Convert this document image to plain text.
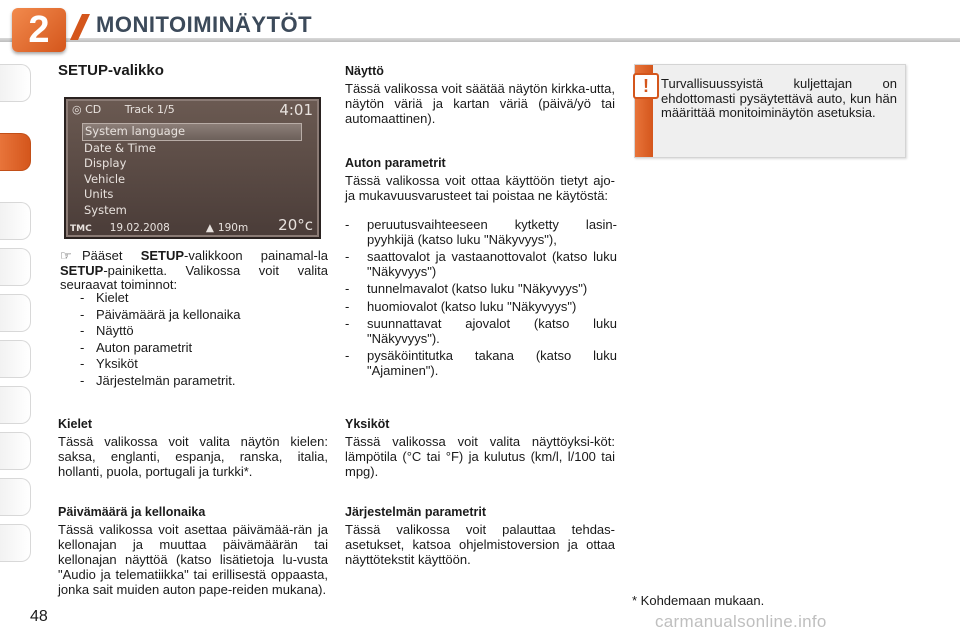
2	MONITOIMINÄYTÖT
SETUP-valikko
◎ CD Track 1/5	4:01
System language
Date & Time
Display
Vehicle
Units
System
TMC 19.02.2008	▲ 190m 20°c
☞ Pääset SETUP-valikkoon painamal-la SETUP-painiketta. Valikossa voit valita seuraavat toiminnot:
- Kielet
- Päivämäärä ja kellonaika
- Näyttö
- Auton parametrit
- Yksiköt
- Järjestelmän parametrit.
Kielet
Tässä valikossa voit valita näytön kielen: saksa, englanti, espanja, ranska, italia, hollanti, puola, portugali ja turkki*.
Päivämäärä ja kellonaika
Tässä valikossa voit asettaa päivämää-rän ja kellonajan ja muuttaa päivämäärän tai kellonajan näyttöä (katso lisätietoja lu-vusta "Audio ja telematiikka" tai erillisestä oppaasta, jonka sait muiden auton pape-reiden mukana).
Näyttö
Tässä valikossa voit säätää näytön kirkka-utta, näytön väriä ja kartan väriä (päivä/yö tai automaattinen).
Auton parametrit
Tässä valikossa voit ottaa käyttöön tietyt ajo- ja mukavuusvarusteet tai poistaa ne käytöstä:
-	peruutusvaihteeseen kytketty lasin-pyyhkijä (katso luku "Näkyvyys"),
-	saattovalot ja vastaanottovalot (katso luku "Näkyvyys")
-	tunnelmavalot (katso luku "Näkyvyys")
-	huomiovalot (katso luku "Näkyvyys")
-	suunnattavat ajovalot (katso luku "Näkyvyys").
-	pysäköintitutka takana (katso luku "Ajaminen").
Yksiköt
Tässä valikossa voit valita näyttöyksi-köt: lämpötila (°C tai °F) ja kulutus (km/l, l/100 tai mpg).
Järjestelmän parametrit
Tässä valikossa voit palauttaa tehdas-asetukset, katsoa ohjelmistoversion ja ottaa näyttötekstit käyttöön.
! Turvallisuussyistä kuljettajan on ehdottomasti pysäytettävä auto, kun hän määrittää monitoiminäytön asetuksia.
* Kohdemaan mukaan.
48	carmanualsonline.info
